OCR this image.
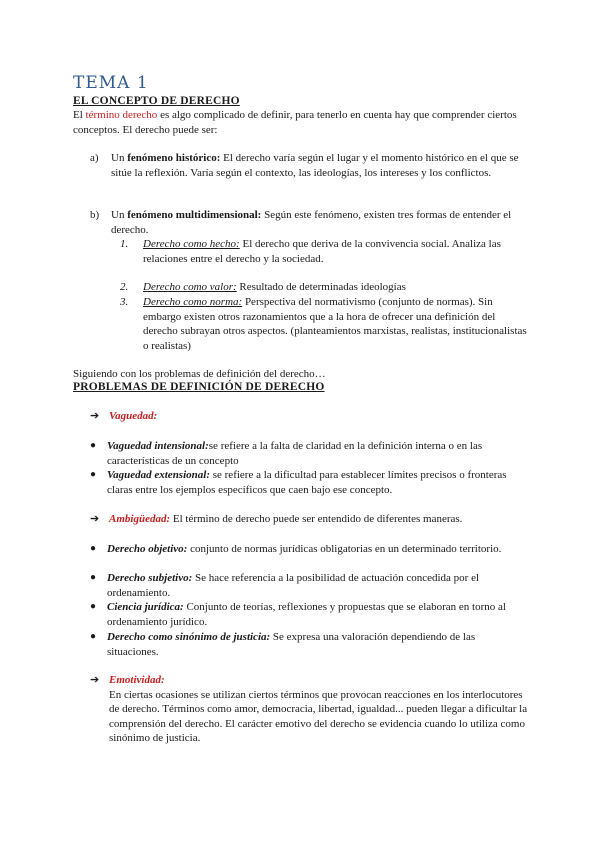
TEMA 1
EL CONCEPTO DE DERECHO

El término derecho es algo complicado de definir, para tenerlo en cuenta hay que comprender ciertos conceptos. El derecho puede ser:

a) Un fenómeno histórico: El derecho varía según el lugar y el momento histórico en el que se sitúe la reflexión. Varía según el contexto, las ideologías, los intereses y los conflictos.
b) Un fenómeno multidimensional: Según este fenómeno, existen tres formas de entender el derecho.
1. Derecho como hecho: El derecho que deriva de la convivencia social. Analiza las relaciones entre el derecho y la sociedad.
2. Derecho como valor: Resultado de determinadas ideologías
3. Derecho como norma: Perspectiva del normativismo (conjunto de normas). Sin embargo existen otros razonamientos que a la hora de ofrecer una definición del derecho subrayan otros aspectos. (planteamientos marxistas, realistas, institucionalistas o realistas)

Siguiendo con los problemas de definición del derecho…

PROBLEMAS DE DEFINICIÓN DE DERECHO
➔ Vaguedad:
● Vaguedad intensional:se refiere a la falta de claridad en la definición interna o en las características de un concepto
● Vaguedad extensional: se refiere a la dificultad para establecer límites precisos o fronteras claras entre los ejemplos específicos que caen bajo ese concepto.
➔ Ambigüedad: El término de derecho puede ser entendido de diferentes maneras.
● Derecho objetivo: conjunto de normas jurídicas obligatorias en un determinado territorio.
● Derecho subjetivo: Se hace referencia a la posibilidad de actuación concedida por el ordenamiento.
● Ciencia jurídica: Conjunto de teorías, reflexiones y propuestas que se elaboran en torno al ordenamiento jurídico.
● Derecho como sinónimo de justicia: Se expresa una valoración dependiendo de las situaciones.
➔ Emotividad:
En ciertas ocasiones se utilizan ciertos términos que provocan reacciones en los interlocutores de derecho. Términos como amor, democracia, libertad, igualdad... pueden llegar a dificultar la comprensión del derecho. El carácter emotivo del derecho se evidencia cuando lo utiliza como sinónimo de justicia.
